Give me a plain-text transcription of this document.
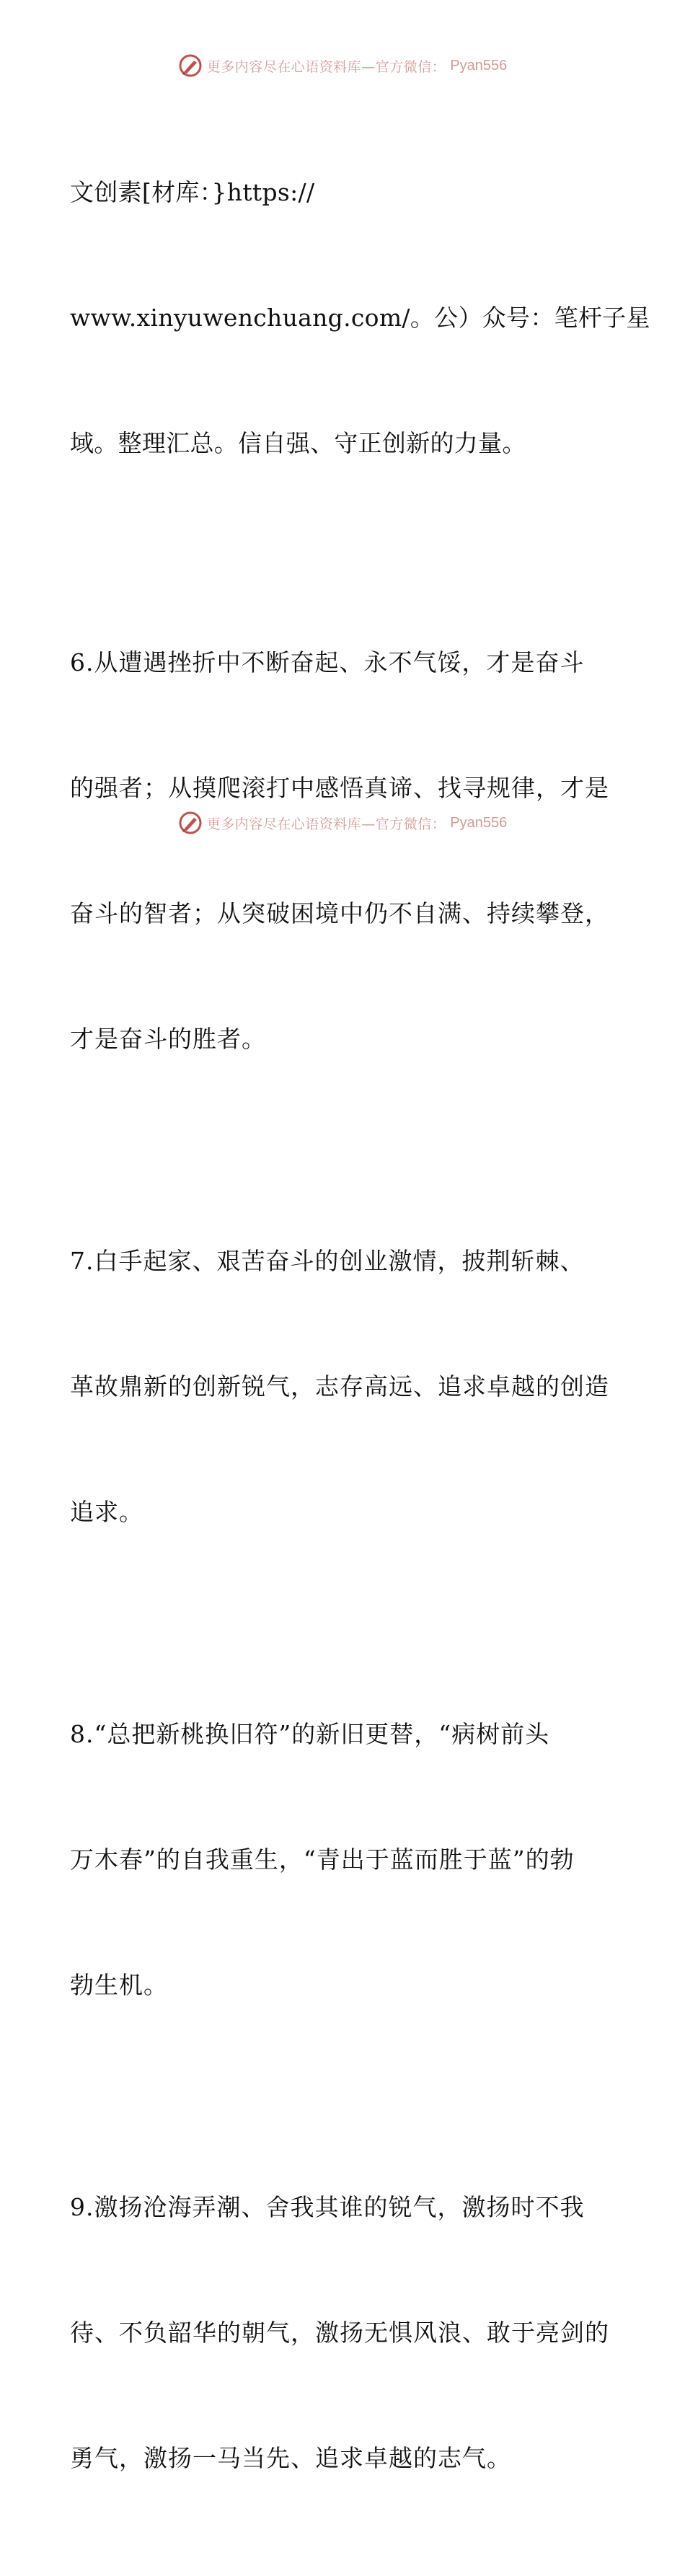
更多内容尽在心语资料库—官方微信： Pyan556

文创素[材库：}https://

www.xinyuwenchuang.com/。公）众号：笔杆子星

域。整理汇总。信自强、守正创新的力量。

6.从遭遇挫折中不断奋起、永不气馁，才是奋斗

的强者；从摸爬滚打中感悟真谛、找寻规律，才是

奋斗的智者；从突破困境中仍不自满、持续攀登，

才是奋斗的胜者。

7.白手起家、艰苦奋斗的创业激情，披荆斩棘、

革故鼎新的创新锐气，志存高远、追求卓越的创造

追求。

8.“总把新桃换旧符”的新旧更替，“病树前头

万木春”的自我重生，“青出于蓝而胜于蓝”的勃

勃生机。

9.激扬沧海弄潮、舍我其谁的锐气，激扬时不我

待、不负韶华的朝气，激扬无惧风浪、敢于亮剑的

勇气，激扬一马当先、追求卓越的志气。

更多内容尽在心语资料库—官方微信： Pyan556
